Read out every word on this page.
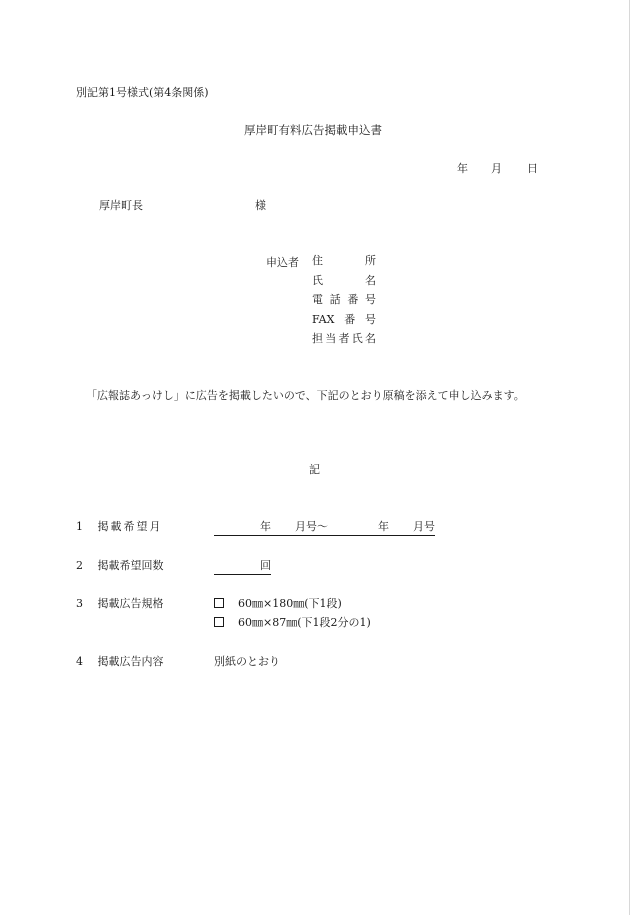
別記第1号様式(第4条関係)
厚岸町有料広告掲載申込書
年 月 日
厚岸町長	様
申込者 住所
氏名
電話番号
FAX番号
担当者氏名
「広報誌あっけし」に広告を掲載したいので、下記のとおり原稿を添えて申し込みます。
記
1 掲載希望月
2 掲載希望回数
3 掲載広告規格
4 掲載広告内容
年 月号～	年 月号
回
60㎜×180㎜(下1段)
60㎜×87㎜(下1段2分の1)
別紙のとおり
